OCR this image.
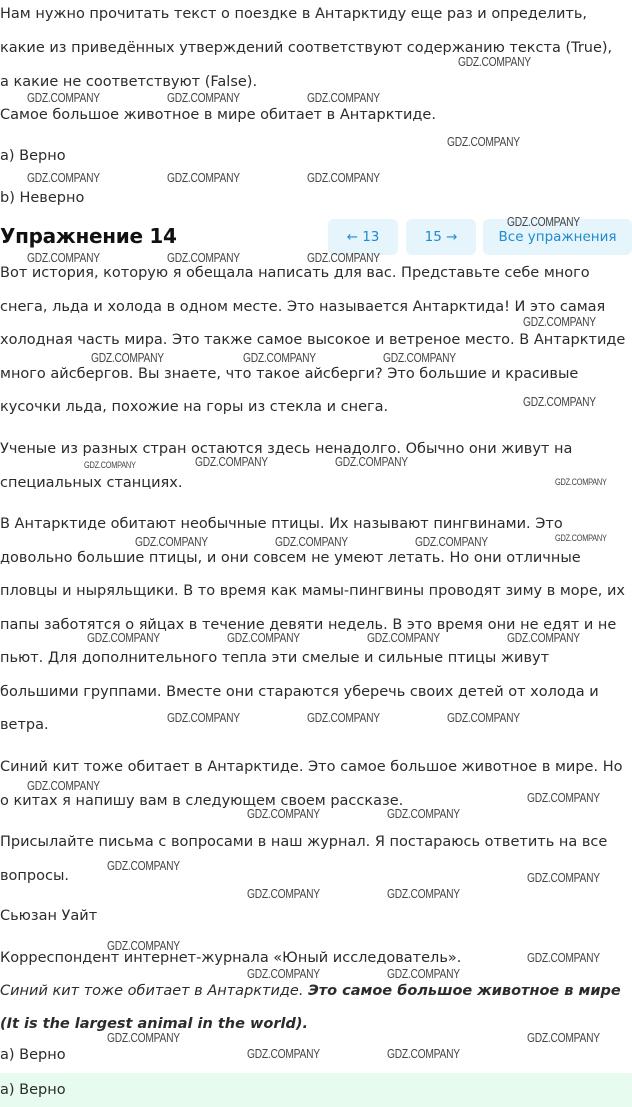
Нам нужно прочитать текст о поездке в Антарктиду еще раз и определить,
какие из приведённых утверждений соответствуют содержанию текста (True),
а какие не соответствуют (False).
Самое большое животное в мире обитает в Антарктиде.
a) Верно
b) Неверно
Упражнение 14	← 13	15 →	Все упражнения

Вот история, которую я обещала написать для вас. Представьте себе много снега, льда и холода в одном месте. Это называется Антарктида! И это самая холодная часть мира. Это также самое высокое и ветреное место. В Антарктиде много айсбергов. Вы знаете, что такое айсберги? Это большие и красивые кусочки льда, похожие на горы из стекла и снега.

Ученые из разных стран остаются здесь ненадолго. Обычно они живут на специальных станциях.

В Антарктиде обитают необычные птицы. Их называют пингвинами. Это довольно большие птицы, и они совсем не умеют летать. Но они отличные пловцы и ныряльщики. В то время как мамы-пингвины проводят зиму в море, их папы заботятся о яйцах в течение девяти недель. В это время они не едят и не пьют. Для дополнительного тепла эти смелые и сильные птицы живут большими группами. Вместе они стараются уберечь своих детей от холода и ветра.

Синий кит тоже обитает в Антарктиде. Это самое большое животное в мире. Но о китах я напишу вам в следующем своем рассказе.

Присылайте письма с вопросами в наш журнал. Я постараюсь ответить на все вопросы.

Сьюзан Уайт
Корреспондент интернет-журнала «Юный исследователь».
Синий кит тоже обитает в Антарктиде. Это самое большое животное в мире
(It is the largest animal in the world).
a) Верно
a) Верно
GDZ.COMPANY
GDZ.COMPANY	GDZ.COMPANY	GDZ.COMPANY
GDZ.COMPANY
GDZ.COMPANY	GDZ.COMPANY	GDZ.COMPANY
GDZ.COMPANY
GDZ.COMPANY	GDZ.COMPANY	GDZ.COMPANY
GDZ.COMPANY
GDZ.COMPANY	GDZ.COMPANY	GDZ.COMPANY
GDZ.COMPANY
GDZ.COMPANY	GDZ.COMPANY	GDZ.COMPANY
GDZ.COMPANY
GDZ.COMPANY
GDZ.COMPANY	GDZ.COMPANY	GDZ.COMPANY
GDZ.COMPANY	GDZ.COMPANY	GDZ.COMPANY	GDZ.COMPANY
GDZ.COMPANY	GDZ.COMPANY	GDZ.COMPANY
GDZ.COMPANY
GDZ.COMPANY
GDZ.COMPANY	GDZ.COMPANY
GDZ.COMPANY
GDZ.COMPANY
GDZ.COMPANY	GDZ.COMPANY
GDZ.COMPANY
GDZ.COMPANY
GDZ.COMPANY	GDZ.COMPANY
GDZ.COMPANY	GDZ.COMPANY
GDZ.COMPANY	GDZ.COMPANY
